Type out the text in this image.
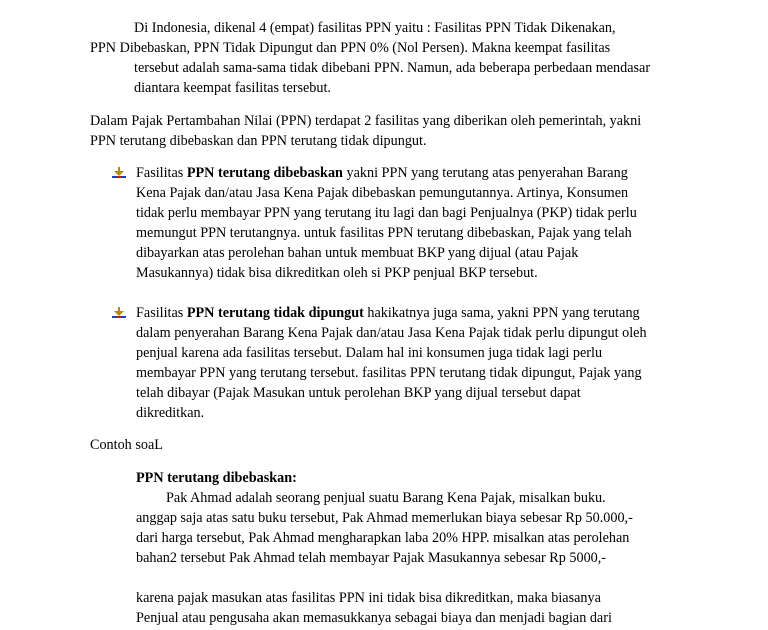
Di Indonesia, dikenal 4 (empat) fasilitas PPN yaitu : Fasilitas PPN Tidak Dikenakan,
PPN Dibebaskan, PPN Tidak Dipungut dan PPN 0% (Nol Persen). Makna keempat fasilitas
tersebut adalah sama-sama tidak dibebani PPN. Namun, ada beberapa perbedaan mendasar
diantara keempat fasilitas tersebut.

Dalam Pajak Pertambahan Nilai (PPN) terdapat 2 fasilitas yang diberikan oleh pemerintah, yakni
PPN terutang dibebaskan dan PPN terutang tidak dipungut.

Fasilitas PPN terutang dibebaskan yakni PPN yang terutang atas penyerahan Barang
Kena Pajak dan/atau Jasa Kena Pajak dibebaskan pemungutannya. Artinya, Konsumen
tidak perlu membayar PPN yang terutang itu lagi dan bagi Penjualnya (PKP) tidak perlu
memungut PPN terutangnya. untuk fasilitas PPN terutang dibebaskan, Pajak yang telah
dibayarkan atas perolehan bahan untuk membuat BKP yang dijual (atau Pajak
Masukannya) tidak bisa dikreditkan oleh si PKP penjual BKP tersebut.

Fasilitas PPN terutang tidak dipungut hakikatnya juga sama, yakni PPN yang terutang
dalam penyerahan Barang Kena Pajak dan/atau Jasa Kena Pajak tidak perlu dipungut oleh
penjual karena ada fasilitas tersebut. Dalam hal ini konsumen juga tidak lagi perlu
membayar PPN yang terutang tersebut. fasilitas PPN terutang tidak dipungut, Pajak yang
telah dibayar (Pajak Masukan untuk perolehan BKP yang dijual tersebut dapat
dikreditkan.

Contoh soaL

PPN terutang dibebaskan:

Pak Ahmad adalah seorang penjual suatu Barang Kena Pajak, misalkan buku.
anggap saja atas satu buku tersebut, Pak Ahmad memerlukan biaya sebesar Rp 50.000,-
dari harga tersebut, Pak Ahmad mengharapkan laba 20% HPP. misalkan atas perolehan
bahan2 tersebut Pak Ahmad telah membayar Pajak Masukannya sebesar Rp 5000,-

karena pajak masukan atas fasilitas PPN ini tidak bisa dikreditkan, maka biasanya
Penjual atau pengusaha akan memasukkanya sebagai biaya dan menjadi bagian dari
